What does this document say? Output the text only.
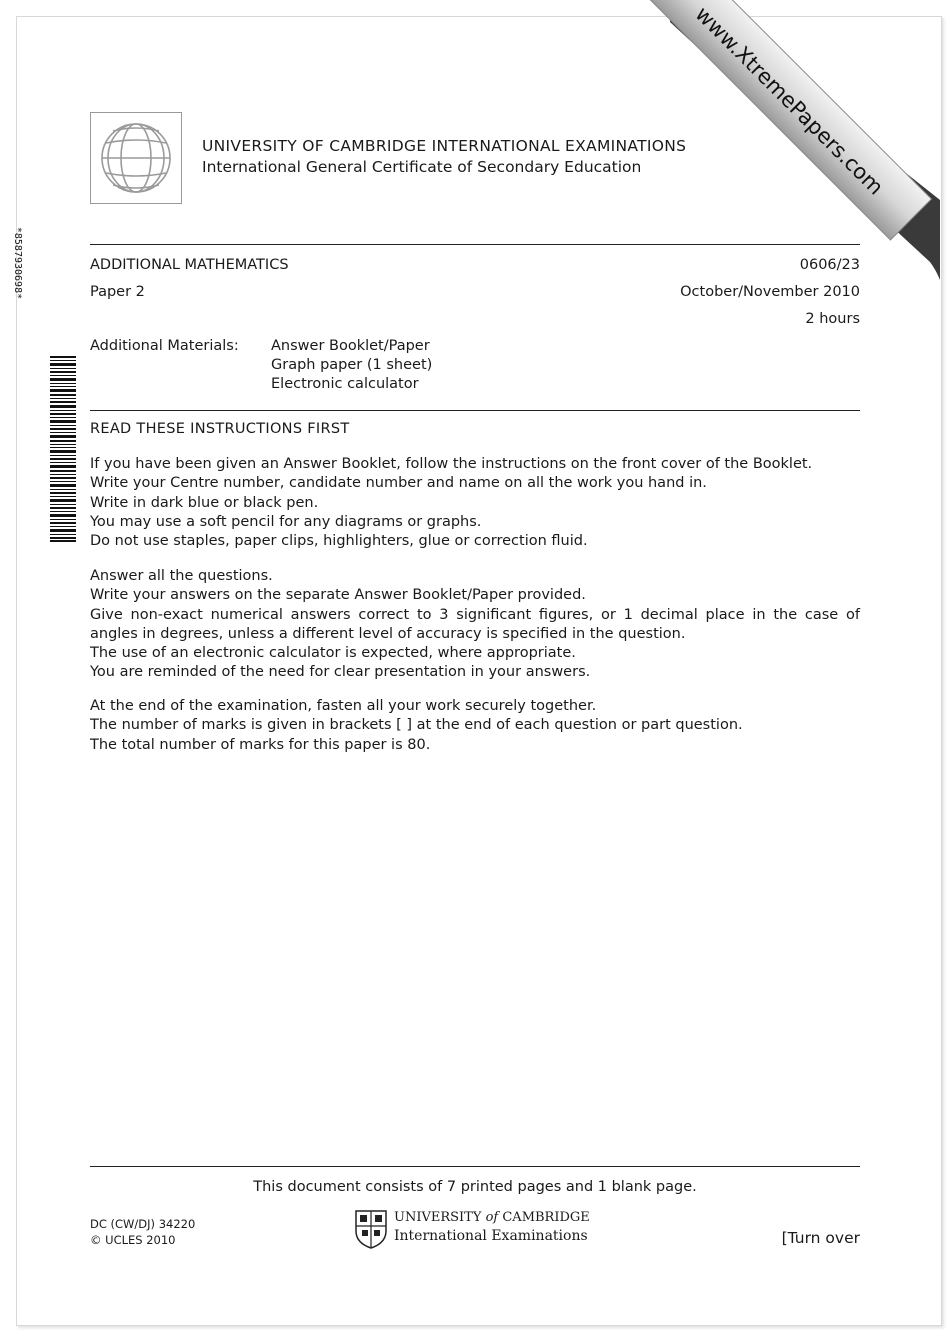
www.XtremePapers.com
UNIVERSITY OF CAMBRIDGE INTERNATIONAL EXAMINATIONS
International General Certificate of Secondary Education
ADDITIONAL MATHEMATICS	0606/23
Paper 2	October/November 2010
2 hours
Additional Materials: Answer Booklet/Paper
Graph paper (1 sheet)
Electronic calculator
*8587930698*
READ THESE INSTRUCTIONS FIRST
If you have been given an Answer Booklet, follow the instructions on the front cover of the Booklet.
Write your Centre number, candidate number and name on all the work you hand in.
Write in dark blue or black pen.
You may use a soft pencil for any diagrams or graphs.
Do not use staples, paper clips, highlighters, glue or correction fluid.
Answer all the questions.
Write your answers on the separate Answer Booklet/Paper provided.
Give non-exact numerical answers correct to 3 significant figures, or 1 decimal place in the case of angles in degrees, unless a different level of accuracy is specified in the question.
The use of an electronic calculator is expected, where appropriate.
You are reminded of the need for clear presentation in your answers.
At the end of the examination, fasten all your work securely together.
The number of marks is given in brackets [ ] at the end of each question or part question.
The total number of marks for this paper is 80.
This document consists of 7 printed pages and 1 blank page.
DC (CW/DJ) 34220
© UCLES 2010
UNIVERSITY of CAMBRIDGE
International Examinations	[Turn over
